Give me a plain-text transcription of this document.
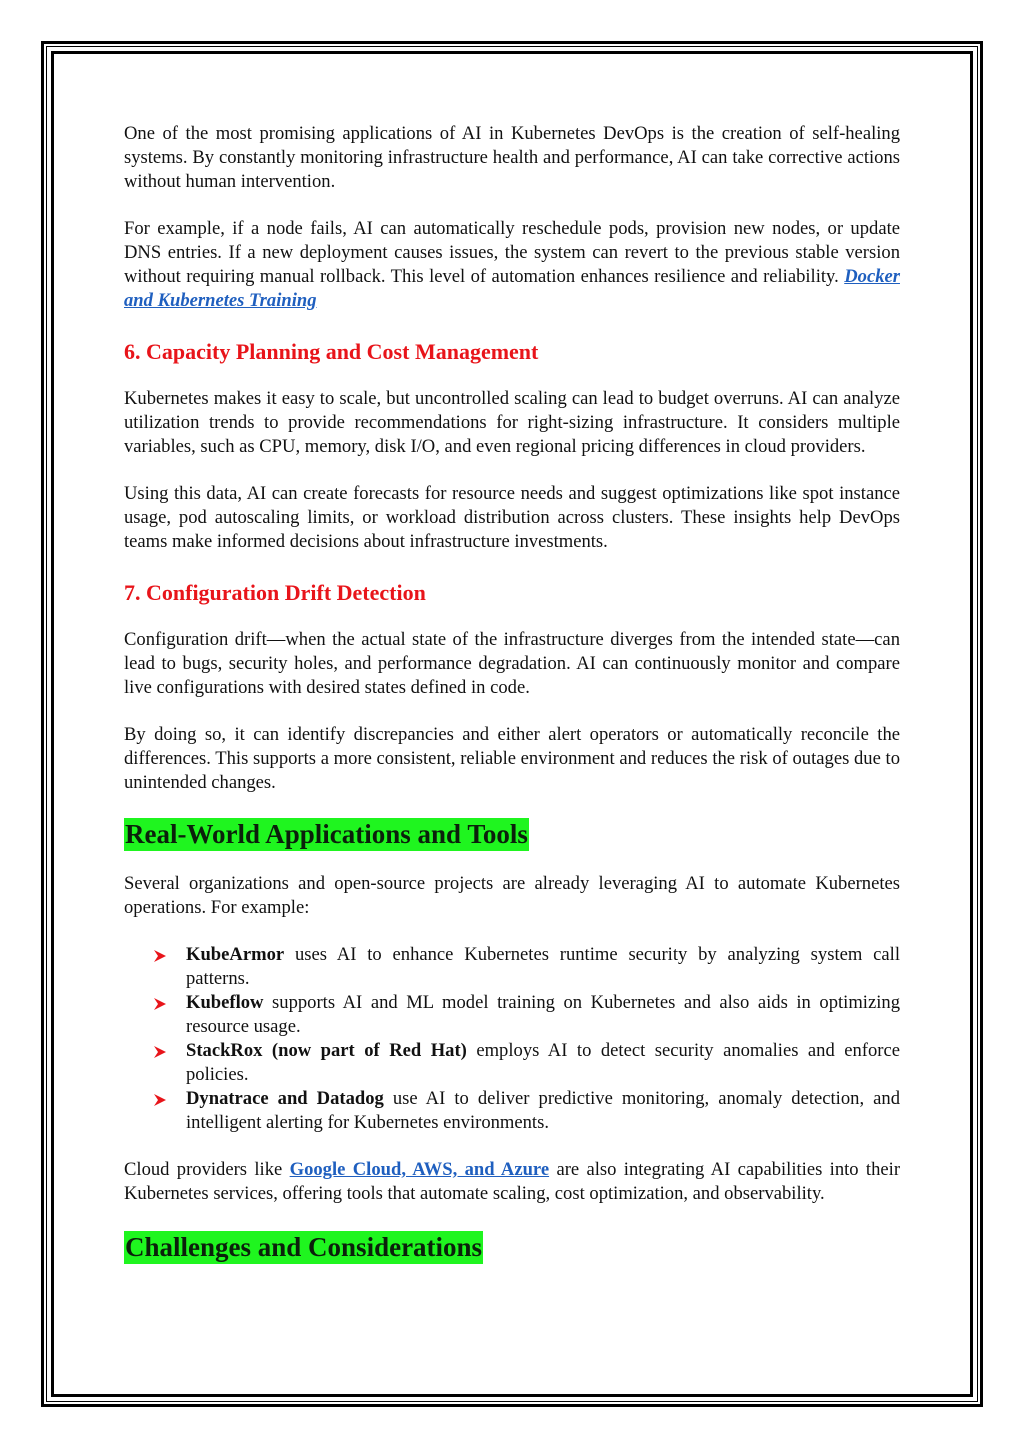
One of the most promising applications of AI in Kubernetes DevOps is the creation of self-healing systems. By constantly monitoring infrastructure health and performance, AI can take corrective actions without human intervention.

For example, if a node fails, AI can automatically reschedule pods, provision new nodes, or update DNS entries. If a new deployment causes issues, the system can revert to the previous stable version without requiring manual rollback. This level of automation enhances resilience and reliability. Docker and Kubernetes Training

6. Capacity Planning and Cost Management

Kubernetes makes it easy to scale, but uncontrolled scaling can lead to budget overruns. AI can analyze utilization trends to provide recommendations for right-sizing infrastructure. It considers multiple variables, such as CPU, memory, disk I/O, and even regional pricing differences in cloud providers.

Using this data, AI can create forecasts for resource needs and suggest optimizations like spot instance usage, pod autoscaling limits, or workload distribution across clusters. These insights help DevOps teams make informed decisions about infrastructure investments.

7. Configuration Drift Detection

Configuration drift—when the actual state of the infrastructure diverges from the intended state—can lead to bugs, security holes, and performance degradation. AI can continuously monitor and compare live configurations with desired states defined in code.

By doing so, it can identify discrepancies and either alert operators or automatically reconcile the differences. This supports a more consistent, reliable environment and reduces the risk of outages due to unintended changes.

Real-World Applications and Tools

Several organizations and open-source projects are already leveraging AI to automate Kubernetes operations. For example:

KubeArmor uses AI to enhance Kubernetes runtime security by analyzing system call patterns.
Kubeflow supports AI and ML model training on Kubernetes and also aids in optimizing resource usage.
StackRox (now part of Red Hat) employs AI to detect security anomalies and enforce policies.
Dynatrace and Datadog use AI to deliver predictive monitoring, anomaly detection, and intelligent alerting for Kubernetes environments.

Cloud providers like Google Cloud, AWS, and Azure are also integrating AI capabilities into their Kubernetes services, offering tools that automate scaling, cost optimization, and observability.

Challenges and Considerations
